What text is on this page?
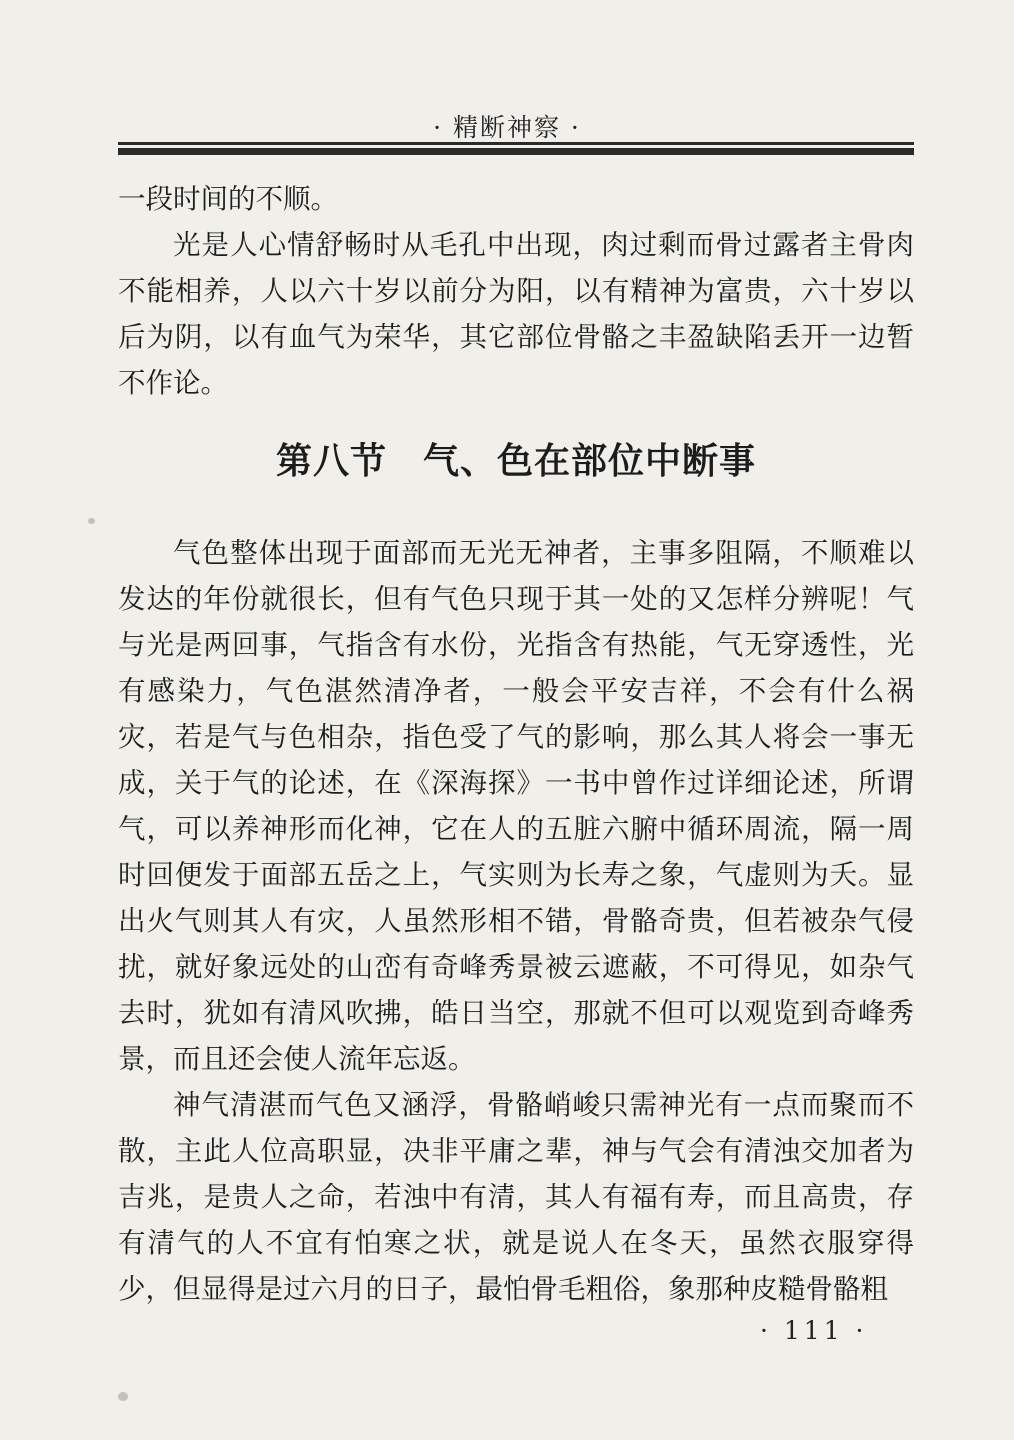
· 精断神察 ·

一段时间的不顺。

光是人心情舒畅时从毛孔中出现，肉过剩而骨过露者主骨肉不能相养，人以六十岁以前分为阳，以有精神为富贵，六十岁以后为阴，以有血气为荣华，其它部位骨骼之丰盈缺陷丢开一边暂不作论。

第八节 气、色在部位中断事

气色整体出现于面部而无光无神者，主事多阻隔，不顺难以发达的年份就很长，但有气色只现于其一处的又怎样分辨呢！气与光是两回事，气指含有水份，光指含有热能，气无穿透性，光有感染力，气色湛然清净者，一般会平安吉祥，不会有什么祸灾，若是气与色相杂，指色受了气的影响，那么其人将会一事无成，关于气的论述，在《深海探》一书中曾作过详细论述，所谓气，可以养神形而化神，它在人的五脏六腑中循环周流，隔一周时回便发于面部五岳之上，气实则为长寿之象，气虚则为夭。显出火气则其人有灾，人虽然形相不错，骨骼奇贵，但若被杂气侵扰，就好象远处的山峦有奇峰秀景被云遮蔽，不可得见，如杂气去时，犹如有清风吹拂，皓日当空，那就不但可以观览到奇峰秀景，而且还会使人流年忘返。

神气清湛而气色又涵浮，骨骼峭峻只需神光有一点而聚而不散，主此人位高职显，决非平庸之辈，神与气会有清浊交加者为吉兆，是贵人之命，若浊中有清，其人有福有寿，而且高贵，存有清气的人不宜有怕寒之状，就是说人在冬天，虽然衣服穿得少，但显得是过六月的日子，最怕骨毛粗俗，象那种皮糙骨骼粗

· 111 ·
